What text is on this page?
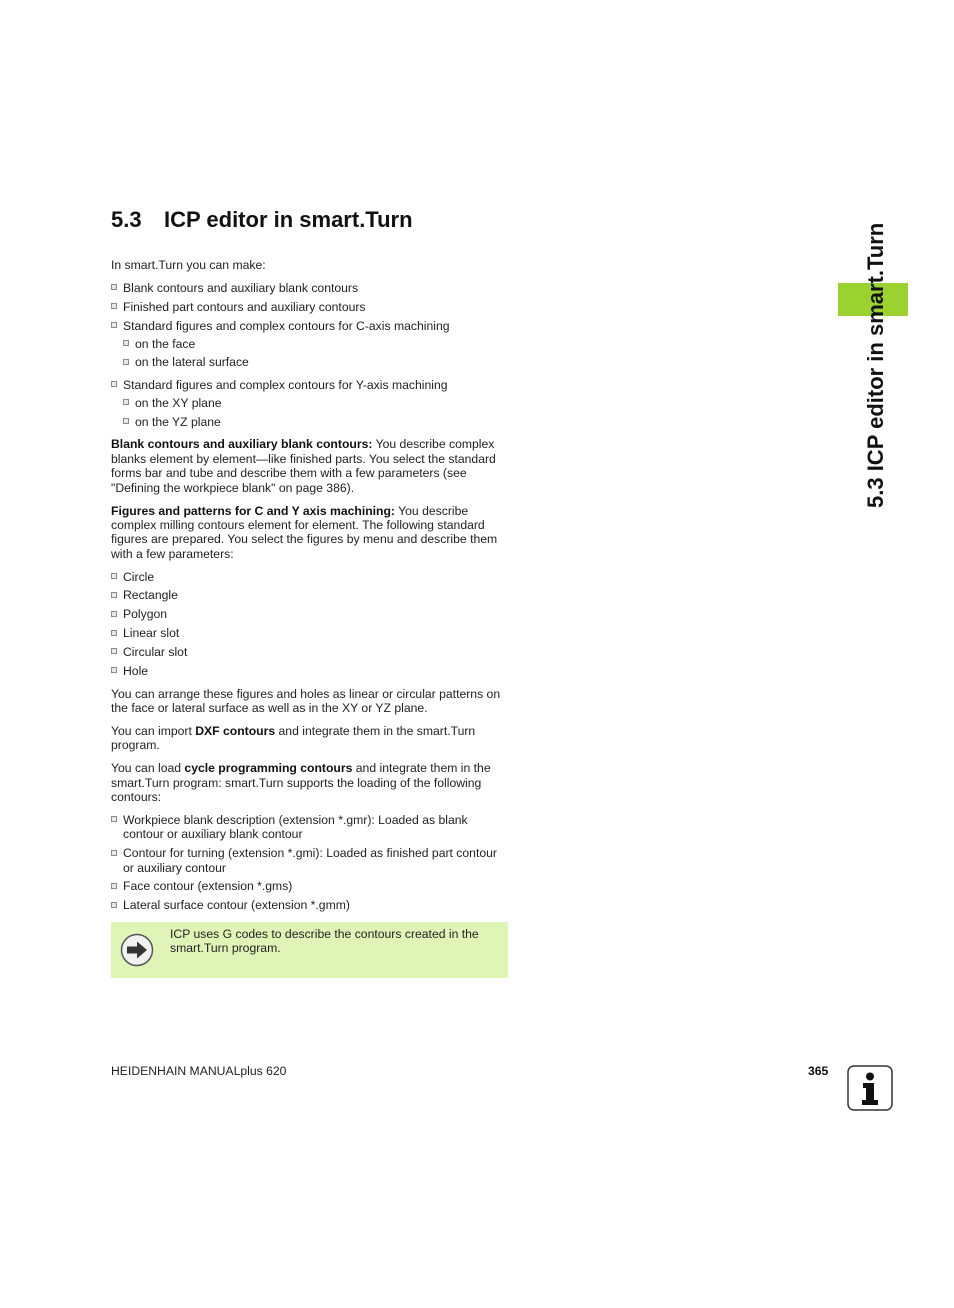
5.3 ICP editor in smart.Turn

In smart.Turn you can make:

Blank contours and auxiliary blank contours
Finished part contours and auxiliary contours
Standard figures and complex contours for C-axis machining
on the face
on the lateral surface
Standard figures and complex contours for Y-axis machining
on the XY plane
on the YZ plane

Blank contours and auxiliary blank contours: You describe complex blanks element by element—like finished parts. You select the standard forms bar and tube and describe them with a few parameters (see "Defining the workpiece blank" on page 386).

Figures and patterns for C and Y axis machining: You describe complex milling contours element for element. The following standard figures are prepared. You select the figures by menu and describe them with a few parameters:

Circle
Rectangle
Polygon
Linear slot
Circular slot
Hole

You can arrange these figures and holes as linear or circular patterns on the face or lateral surface as well as in the XY or YZ plane.

You can import DXF contours and integrate them in the smart.Turn program.

You can load cycle programming contours and integrate them in the smart.Turn program: smart.Turn supports the loading of the following contours:

Workpiece blank description (extension *.gmr): Loaded as blank contour or auxiliary blank contour
Contour for turning (extension *.gmi): Loaded as finished part contour or auxiliary contour
Face contour (extension *.gms)
Lateral surface contour (extension *.gmm)
ICP uses G codes to describe the contours created in the smart.Turn program.
5.3 ICP editor in smart.Turn
HEIDENHAIN MANUALplus 620	365
